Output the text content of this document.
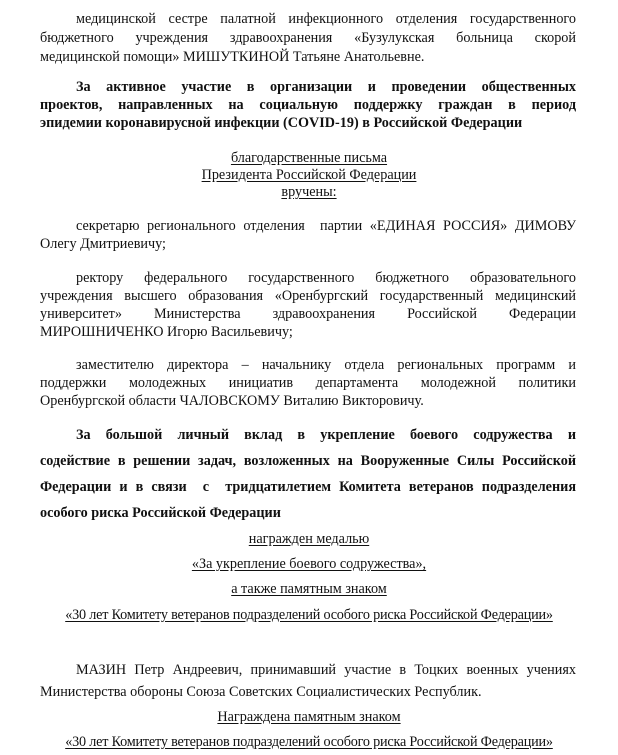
медицинской сестре палатной инфекционного отделения государственного
бюджетного учреждения здравоохранения «Бузулукская больница скорой
медицинской помощи» МИШУТКИНОЙ Татьяне Анатольевне.
За активное участие в организации и проведении общественных
проектов, направленных на социальную поддержку граждан в период
эпидемии коронавирусной инфекции (COVID-19) в Российской Федерации
благодарственные письма
Президента Российской Федерации
вручены:
секретарю регионального отделения  партии «ЕДИНАЯ РОССИЯ» ДИМОВУ
Олегу Дмитриевичу;
ректору федерального государственного бюджетного образовательного
учреждения высшего образования «Оренбургский государственный медицинский
университет»    Министерства    здравоохранения    Российской    Федерации
МИРОШНИЧЕНКО Игорю Васильевичу;
заместителю директора – начальнику отдела региональных программ и
поддержки молодежных инициатив департамента молодежной политики
Оренбургской области ЧАЛОВСКОМУ Виталию Викторовичу.
За большой личный вклад в укрепление боевого содружества и
содействие в решении задач, возложенных на Вооруженные Силы Российской
Федерации и в связи  с  тридцатилетием Комитета ветеранов подразделения
особого риска Российской Федерации
награжден медалью
«За укрепление боевого содружества»,
а также памятным знаком
«30 лет Комитету ветеранов подразделений особого риска Российской Федерации»
МАЗИН Петр Андреевич, принимавший участие в Тоцких военных учениях
Министерства обороны Союза Советских Социалистических Республик.
Награждена памятным знаком
«30 лет Комитету ветеранов подразделений особого риска Российской Федерации»
